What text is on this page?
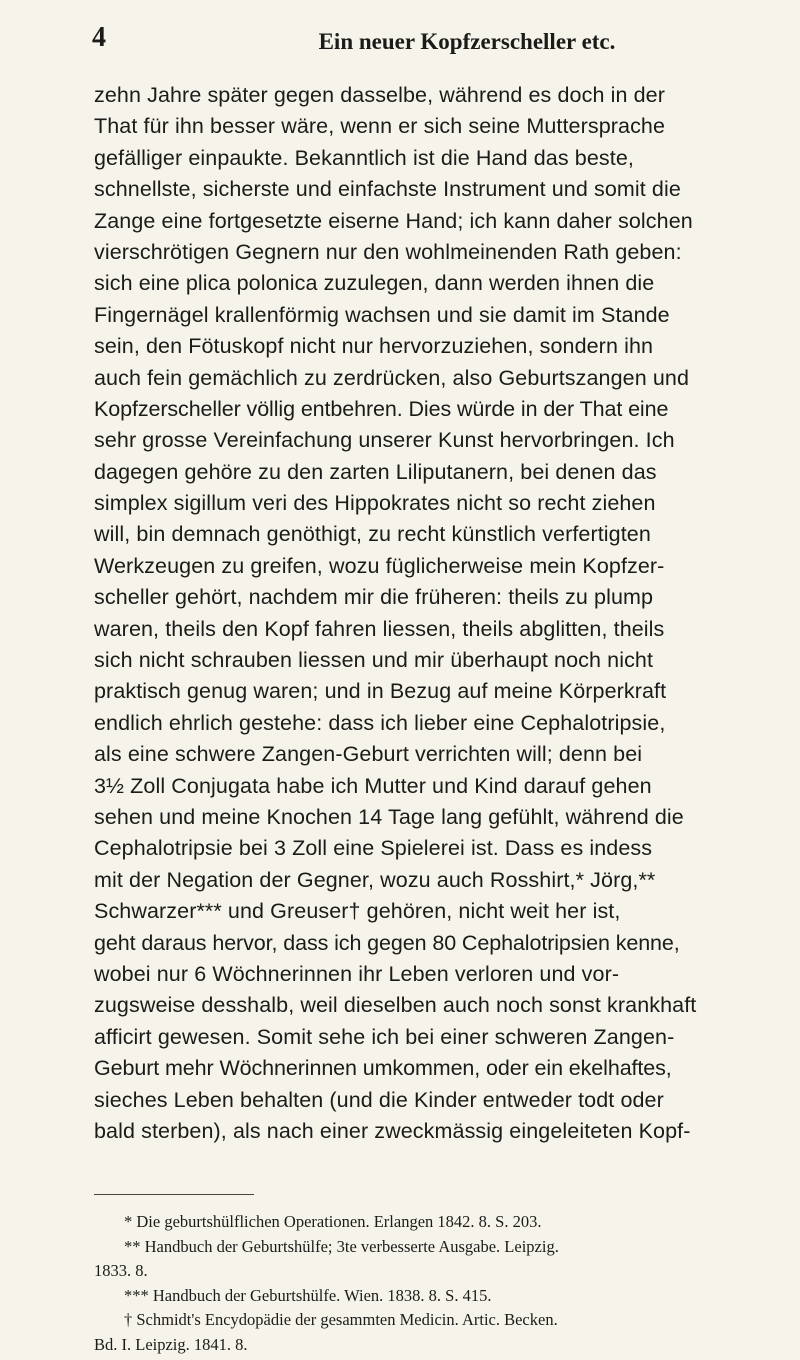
4	Ein neuer Kopfzerscheller etc.
zehn Jahre später gegen dasselbe, während es doch in der
That für ihn besser wäre, wenn er sich seine Muttersprache
gefälliger einpaukte. Bekanntlich ist die Hand das beste,
schnellste, sicherste und einfachste Instrument und somit die
Zange eine fortgesetzte eiserne Hand; ich kann daher solchen
vierschrötigen Gegnern nur den wohlmeinenden Rath geben:
sich eine plica polonica zuzulegen, dann werden ihnen die
Fingernägel krallenförmig wachsen und sie damit im Stande
sein, den Fötuskopf nicht nur hervorzuziehen, sondern ihn
auch fein gemächlich zu zerdrücken, also Geburtszangen und
Kopfzerscheller völlig entbehren. Dies würde in der That eine
sehr grosse Vereinfachung unserer Kunst hervorbringen. Ich
dagegen gehöre zu den zarten Liliputanern, bei denen das
simplex sigillum veri des Hippokrates nicht so recht ziehen
will, bin demnach genöthigt, zu recht künstlich verfertigten
Werkzeugen zu greifen, wozu füglicherweise mein Kopfzer-
scheller gehört, nachdem mir die früheren: theils zu plump
waren, theils den Kopf fahren liessen, theils abglitten, theils
sich nicht schrauben liessen und mir überhaupt noch nicht
praktisch genug waren; und in Bezug auf meine Körperkraft
endlich ehrlich gestehe: dass ich lieber eine Cephalotripsie,
als eine schwere Zangen-Geburt verrichten will; denn bei
3½ Zoll Conjugata habe ich Mutter und Kind darauf gehen
sehen und meine Knochen 14 Tage lang gefühlt, während die
Cephalotripsie bei 3 Zoll eine Spielerei ist. Dass es indess
mit der Negation der Gegner, wozu auch Rosshirt,* Jörg,**
Schwarzer*** und Greuser† gehören, nicht weit her ist,
geht daraus hervor, dass ich gegen 80 Cephalotripsien kenne,
wobei nur 6 Wöchnerinnen ihr Leben verloren und vor-
zugsweise desshalb, weil dieselben auch noch sonst krankhaft
afficirt gewesen. Somit sehe ich bei einer schweren Zangen-
Geburt mehr Wöchnerinnen umkommen, oder ein ekelhaftes,
sieches Leben behalten (und die Kinder entweder todt oder
bald sterben), als nach einer zweckmässig eingeleiteten Kopf-
* Die geburtshülflichen Operationen. Erlangen 1842. 8. S. 203.
** Handbuch der Geburtshülfe; 3te verbesserte Ausgabe. Leipzig.
1833. 8.
*** Handbuch der Geburtshülfe. Wien. 1838. 8. S. 415.
† Schmidt's Encydopädie der gesammten Medicin. Artic. Becken.
Bd. I. Leipzig. 1841. 8.
